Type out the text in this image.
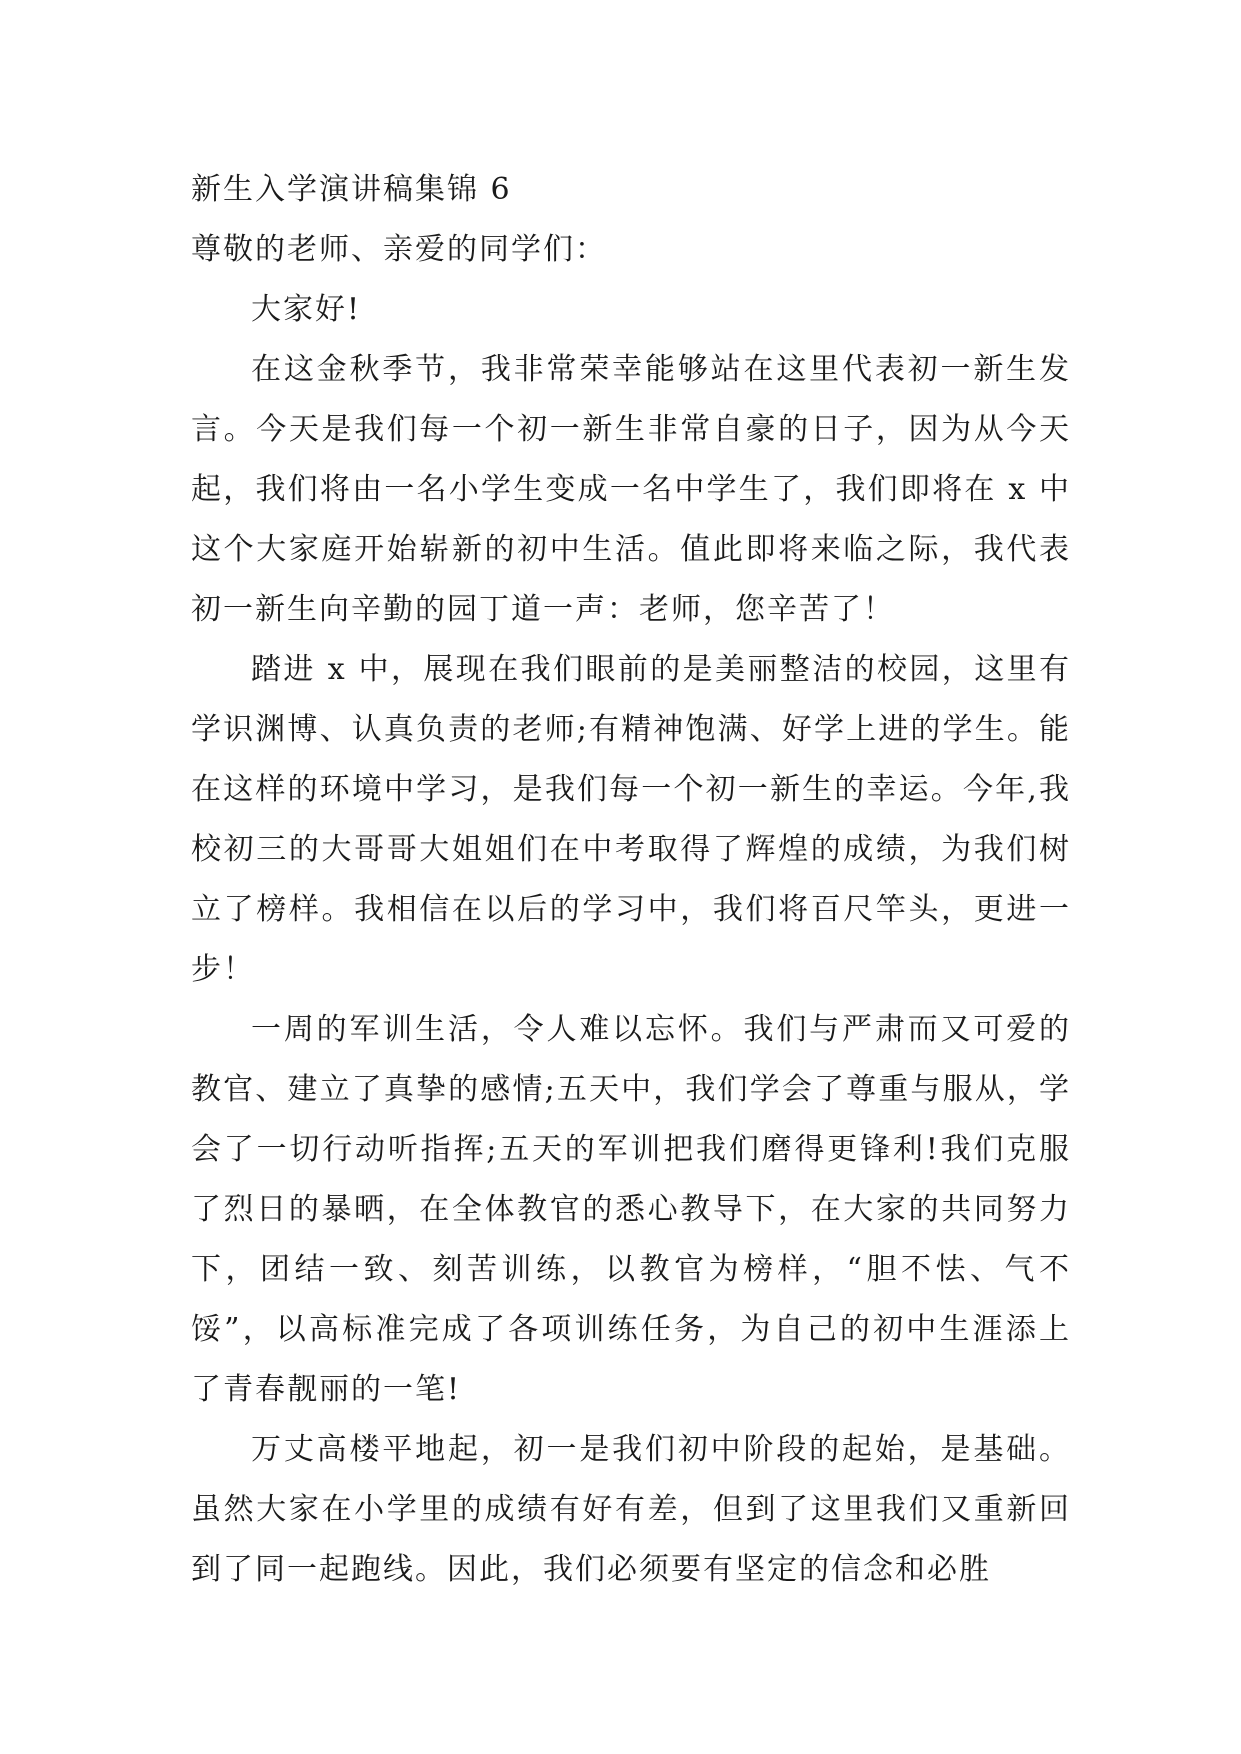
新生入学演讲稿集锦 6

尊敬的老师、亲爱的同学们：

大家好!

在这金秋季节，我非常荣幸能够站在这里代表初一新生发言。今天是我们每一个初一新生非常自豪的日子，因为从今天起，我们将由一名小学生变成一名中学生了，我们即将在 x 中这个大家庭开始崭新的初中生活。值此即将来临之际，我代表初一新生向辛勤的园丁道一声：老师，您辛苦了！

踏进 x 中，展现在我们眼前的是美丽整洁的校园，这里有学识渊博、认真负责的老师;有精神饱满、好学上进的学生。能在这样的环境中学习，是我们每一个初一新生的幸运。今年,我校初三的大哥哥大姐姐们在中考取得了辉煌的成绩，为我们树立了榜样。我相信在以后的学习中，我们将百尺竿头，更进一步！

一周的军训生活，令人难以忘怀。我们与严肃而又可爱的教官、建立了真挚的感情;五天中，我们学会了尊重与服从，学会了一切行动听指挥;五天的军训把我们磨得更锋利!我们克服了烈日的暴晒，在全体教官的悉心教导下，在大家的共同努力下，团结一致、刻苦训练，以教官为榜样，“胆不怯、气不馁”，以高标准完成了各项训练任务，为自己的初中生涯添上了青春靓丽的一笔!

万丈高楼平地起，初一是我们初中阶段的起始，是基础。虽然大家在小学里的成绩有好有差，但到了这里我们又重新回到了同一起跑线。因此，我们必须要有坚定的信念和必胜
